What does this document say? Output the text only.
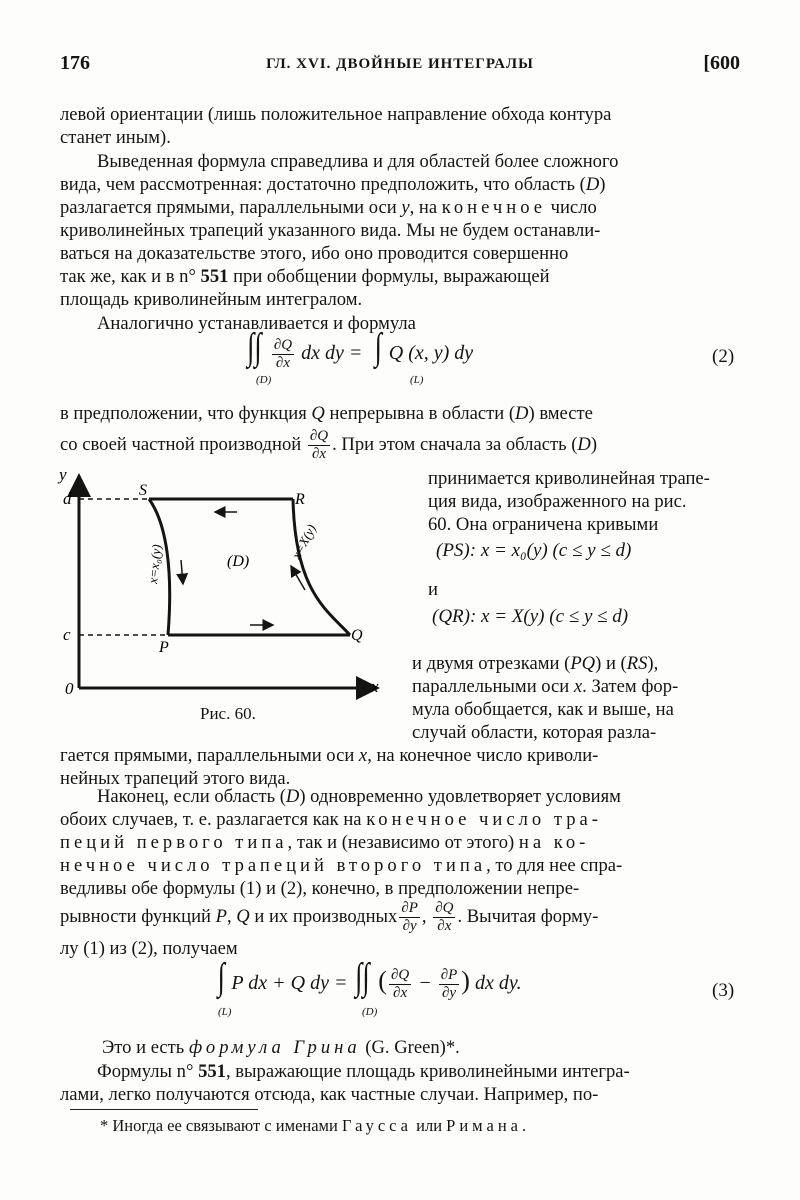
176	ГЛ. XVI. ДВОЙНЫЕ ИНТЕГРАЛЫ	[600
левой ориентации (лишь положительное направление обхода контура
станет иным).
Выведенная формула справедлива и для областей более сложного
вида, чем рассмотренная: достаточно предположить, что область (D)
разлагается прямыми, параллельными оси y, на конечное число
криволинейных трапеций указанного вида. Мы не будем останавли-
ваться на доказательстве этого, ибо оно проводится совершенно
так же, как и в n° 551 при обобщении формулы, выражающей
площадь криволинейным интегралом.
Аналогично устанавливается и формула
∫∫ $\frac{\partial Q}{\partial x}$ dx dy = ∫ Q (x, y) dy
(D)	(L)
(2)
в предположении, что функция Q непрерывна в области (D) вместе
со своей частной производной $\frac{\partial Q}{\partial x}$ . При этом сначала за область (D)
принимается криволинейная трапе-
ция вида, изображенного на рис.
60. Она ограничена кривыми
(PS): x = x₀(y) (c ≤ y ≤ d)
и
(QR): x = X(y) (c ≤ y ≤ d)
и двумя отрезками (PQ) и (RS),
параллельными оси x. Затем фор-
мула обобщается, как и выше, на
случай области, которая разла-
гается прямыми, параллельными оси x, на конечное число криволи-
нейных трапеций этого вида.
y
x
0
d
c
S
R
P
Q
(D)
x=x₀(y)
x=X(y)
Рис. 60.
Наконец, если область (D) одновременно удовлетворяет условиям
обоих случаев, т. е. разлагается как на конечное число тра-
пеций первого типа, так и (независимо от этого) на ко-
нечное число трапеций второго типа, то для нее спра-
ведливы обе формулы (1) и (2), конечно, в предположении непре-
рывности функций P, Q и их производных $\frac{\partial P}{\partial y}$ , $\frac{\partial Q}{\partial x}$ . Вычитая форму-
лу (1) из (2), получаем
∫ P dx + Q dy = ∫∫ ( $\frac{\partial Q}{\partial x} - \frac{\partial P}{\partial y}$ ) dx dy.
(L)	(D)
(3)
Это и есть формула Грина (G. Green)*.
Формулы n° 551, выражающие площадь криволинейными интегра-
лами, легко получаются отсюда, как частные случаи. Например, по-
* Иногда ее связывают с именами Гаусса или Римана.
